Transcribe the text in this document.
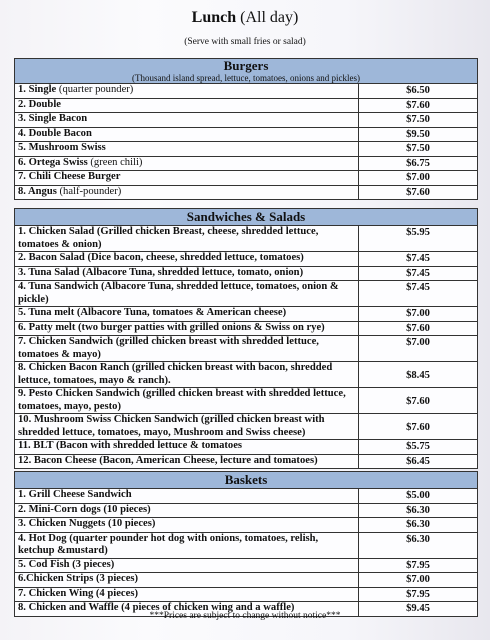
Lunch (All day)
(Serve with small fries or salad)
Burgers
(Thousand island spread, lettuce, tomatoes, onions and pickles)
1. Single (quarter pounder)	$6.50
2. Double	$7.60
3. Single Bacon	$7.50
4. Double Bacon	$9.50
5. Mushroom Swiss	$7.50
6. Ortega Swiss (green chili)	$6.75
7. Chili Cheese Burger	$7.00
8. Angus (half-pounder)	$7.60
Sandwiches & Salads
1. Chicken Salad (Grilled chicken Breast, cheese, shredded lettuce, tomatoes & onion)	$5.95
2. Bacon Salad (Dice bacon, cheese, shredded lettuce, tomatoes)	$7.45
3. Tuna Salad (Albacore Tuna, shredded lettuce, tomato, onion)	$7.45
4. Tuna Sandwich (Albacore Tuna, shredded lettuce, tomatoes, onion & pickle)	$7.45
5. Tuna melt (Albacore Tuna, tomatoes & American cheese)	$7.00
6. Patty melt (two burger patties with grilled onions & Swiss on rye)	$7.60
7. Chicken Sandwich (grilled chicken breast with shredded lettuce, tomatoes & mayo)	$7.00
8. Chicken Bacon Ranch (grilled chicken breast with bacon, shredded lettuce, tomatoes, mayo & ranch).	$8.45
9. Pesto Chicken Sandwich (grilled chicken breast with shredded lettuce, tomatoes, mayo, pesto)	$7.60
10. Mushroom Swiss Chicken Sandwich (grilled chicken breast with shredded lettuce, tomatoes, mayo, Mushroom and Swiss cheese)	$7.60
11. BLT (Bacon with shredded lettuce & tomatoes	$5.75
12. Bacon Cheese (Bacon, American Cheese, lecture and tomatoes)	$6.45
Baskets
1. Grill Cheese Sandwich	$5.00
2. Mini-Corn dogs (10 pieces)	$6.30
3. Chicken Nuggets (10 pieces)	$6.30
4. Hot Dog (quarter pounder hot dog with onions, tomatoes, relish, ketchup &mustard)	$6.30
5. Cod Fish (3 pieces)	$7.95
6.Chicken Strips (3 pieces)	$7.00
7. Chicken Wing (4 pieces)	$7.95
8. Chicken and Waffle (4 pieces of chicken wing and a waffle)	$9.45
***Prices are subject to change without notice***
